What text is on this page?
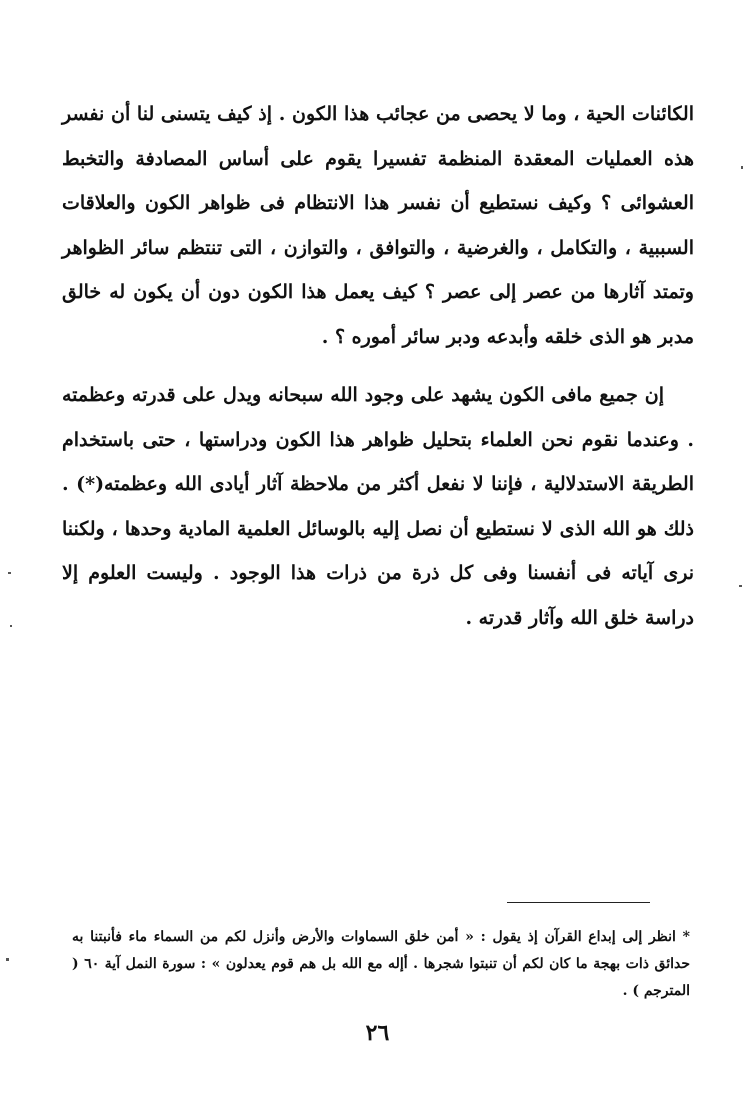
الكائنات الحية ، وما لا يحصى من عجائب هذا الكون . إذ كيف يتسنى لنا أن نفسر هذه العمليات المعقدة المنظمة تفسيرا يقوم على أساس المصادفة والتخبط العشوائى ؟ وكيف نستطيع أن نفسر هذا الانتظام فى ظواهر الكون والعلاقات السببية ، والتكامل ، والغرضية ، والتوافق ، والتوازن ، التى تنتظم سائر الظواهر وتمتد آثارها من عصر إلى عصر ؟ كيف يعمل هذا الكون دون أن يكون له خالق مدبر هو الذى خلقه وأبدعه ودبر سائر أموره ؟ .

إن جميع مافى الكون يشهد على وجود الله سبحانه ويدل على قدرته وعظمته . وعندما نقوم نحن العلماء بتحليل ظواهر هذا الكون ودراستها ، حتى باستخدام الطريقة الاستدلالية ، فإننا لا نفعل أكثر من ملاحظة آثار أيادى الله وعظمته(*) . ذلك هو الله الذى لا نستطيع أن نصل إليه بالوسائل العلمية المادية وحدها ، ولكننا نرى آياته فى أنفسنا وفى كل ذرة من ذرات هذا الوجود . وليست العلوم إلا دراسة خلق الله وآثار قدرته .

* انظر إلى إبداع القرآن إذ يقول : « أمن خلق السماوات والأرض وأنزل لكم من السماء ماء فأنبتنا به حدائق ذات بهجة ما كان لكم أن تنبتوا شجرها . أإله مع الله بل هم قوم يعدلون » : سورة النمل آية ٦٠ ( المترجم ) .

٢٦
